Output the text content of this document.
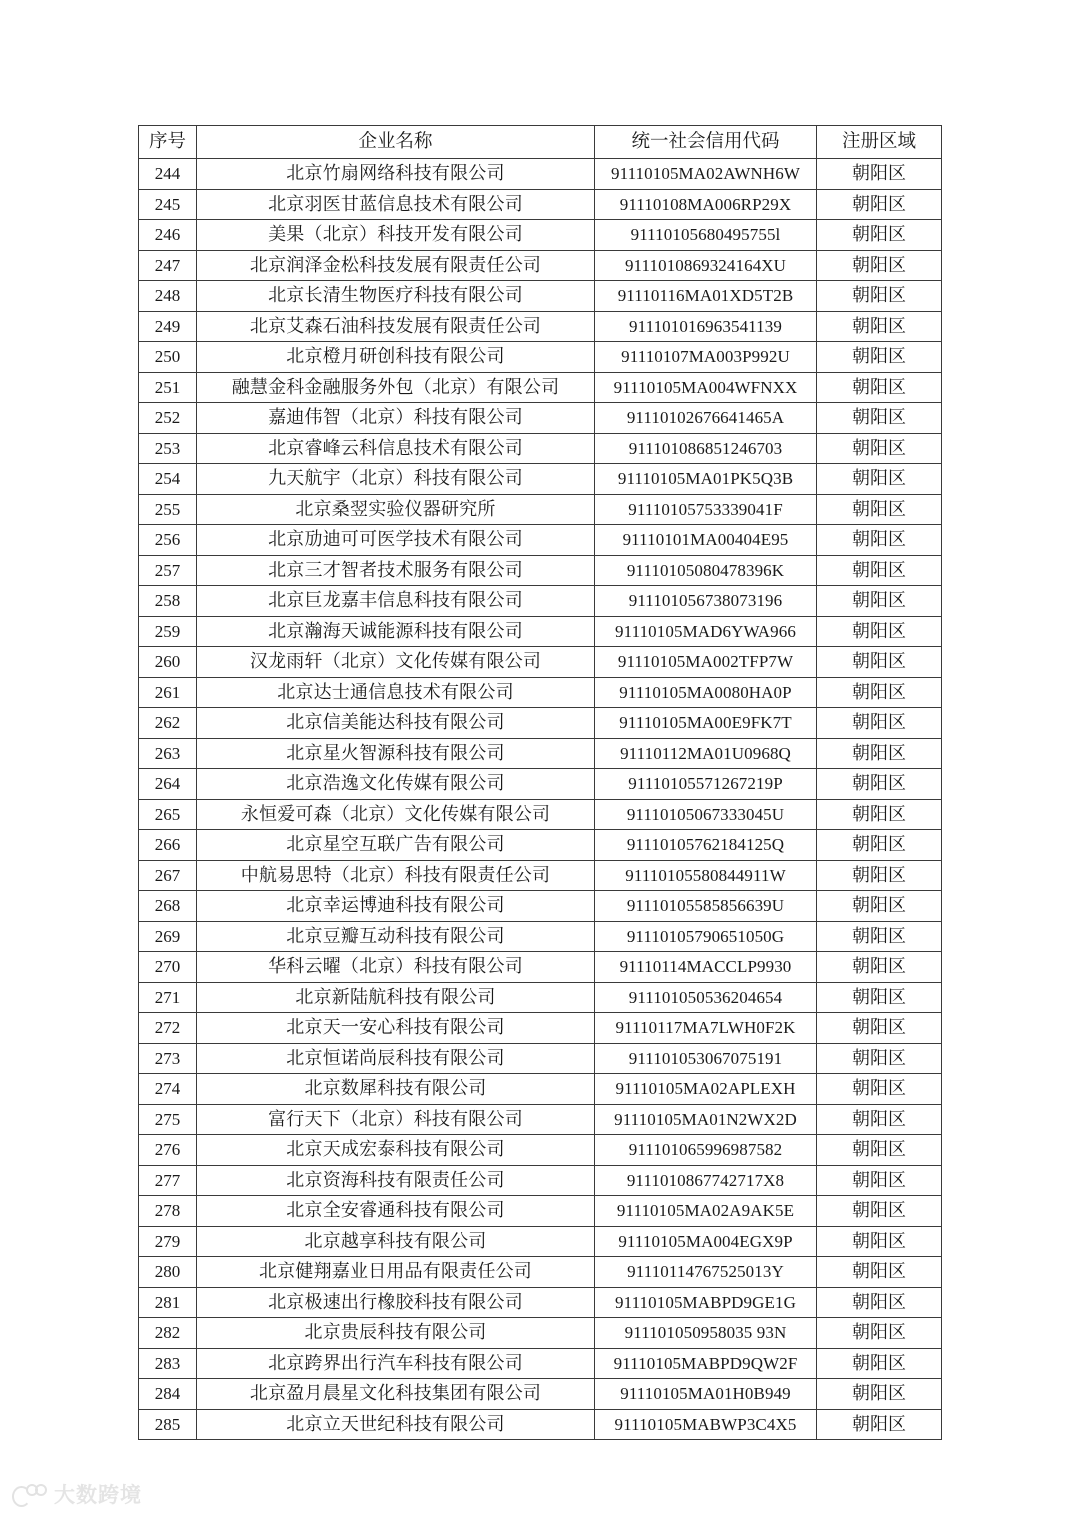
序号	企业名称	统一社会信用代码	注册区域
244	北京竹扇网络科技有限公司	91110105MA02AWNH6W	朝阳区
245	北京羽医甘蓝信息技术有限公司	91110108MA006RP29X	朝阳区
246	美果（北京）科技开发有限公司	91110105680495755l	朝阳区
247	北京润泽金松科技发展有限责任公司	9111010869324164XU	朝阳区
248	北京长清生物医疗科技有限公司	91110116MA01XD5T2B	朝阳区
249	北京艾森石油科技发展有限责任公司	911101016963541139	朝阳区
250	北京橙月研创科技有限公司	91110107MA003P992U	朝阳区
251	融慧金科金融服务外包（北京）有限公司	91110105MA004WFNXX	朝阳区
252	嘉迪伟智（北京）科技有限公司	91110102676641465A	朝阳区
253	北京睿峰云科信息技术有限公司	911101086851246703	朝阳区
254	九天航宇（北京）科技有限公司	91110105MA01PK5Q3B	朝阳区
255	北京桑翌实验仪器研究所	91110105753339041F	朝阳区
256	北京劢迪可可医学技术有限公司	91110101MA00404E95	朝阳区
257	北京三才智者技术服务有限公司	91110105080478396K	朝阳区
258	北京巨龙嘉丰信息科技有限公司	911101056738073196	朝阳区
259	北京瀚海天诚能源科技有限公司	91110105MAD6YWA966	朝阳区
260	汉龙雨轩（北京）文化传媒有限公司	91110105MA002TFP7W	朝阳区
261	北京达士通信息技术有限公司	91110105MA0080HA0P	朝阳区
262	北京信美能达科技有限公司	91110105MA00E9FK7T	朝阳区
263	北京星火智源科技有限公司	91110112MA01U0968Q	朝阳区
264	北京浩逸文化传媒有限公司	91110105571267219P	朝阳区
265	永恒爱可森（北京）文化传媒有限公司	91110105067333045U	朝阳区
266	北京星空互联广告有限公司	91110105762184125Q	朝阳区
267	中航易思特（北京）科技有限责任公司	91110105580844911W	朝阳区
268	北京幸运博迪科技有限公司	91110105585856639U	朝阳区
269	北京豆瓣互动科技有限公司	91110105790651050G	朝阳区
270	华科云曜（北京）科技有限公司	91110114MACCLP9930	朝阳区
271	北京新陆航科技有限公司	911101050536204654	朝阳区
272	北京天一安心科技有限公司	91110117MA7LWH0F2K	朝阳区
273	北京恒诺尚辰科技有限公司	911101053067075191	朝阳区
274	北京数犀科技有限公司	91110105MA02APLEXH	朝阳区
275	富行天下（北京）科技有限公司	91110105MA01N2WX2D	朝阳区
276	北京天成宏泰科技有限公司	911101065996987582	朝阳区
277	北京资海科技有限责任公司	9111010867742717X8	朝阳区
278	北京全安睿通科技有限公司	91110105MA02A9AK5E	朝阳区
279	北京越享科技有限公司	91110105MA004EGX9P	朝阳区
280	北京健翔嘉业日用品有限责任公司	91110114767525013Y	朝阳区
281	北京极速出行橡胶科技有限公司	91110105MABPD9GE1G	朝阳区
282	北京贵辰科技有限公司	911101050958035 93N	朝阳区
283	北京跨界出行汽车科技有限公司	91110105MABPD9QW2F	朝阳区
284	北京盈月晨星文化科技集团有限公司	91110105MA01H0B949	朝阳区
285	北京立天世纪科技有限公司	91110105MABWP3C4X5	朝阳区
大数跨境
